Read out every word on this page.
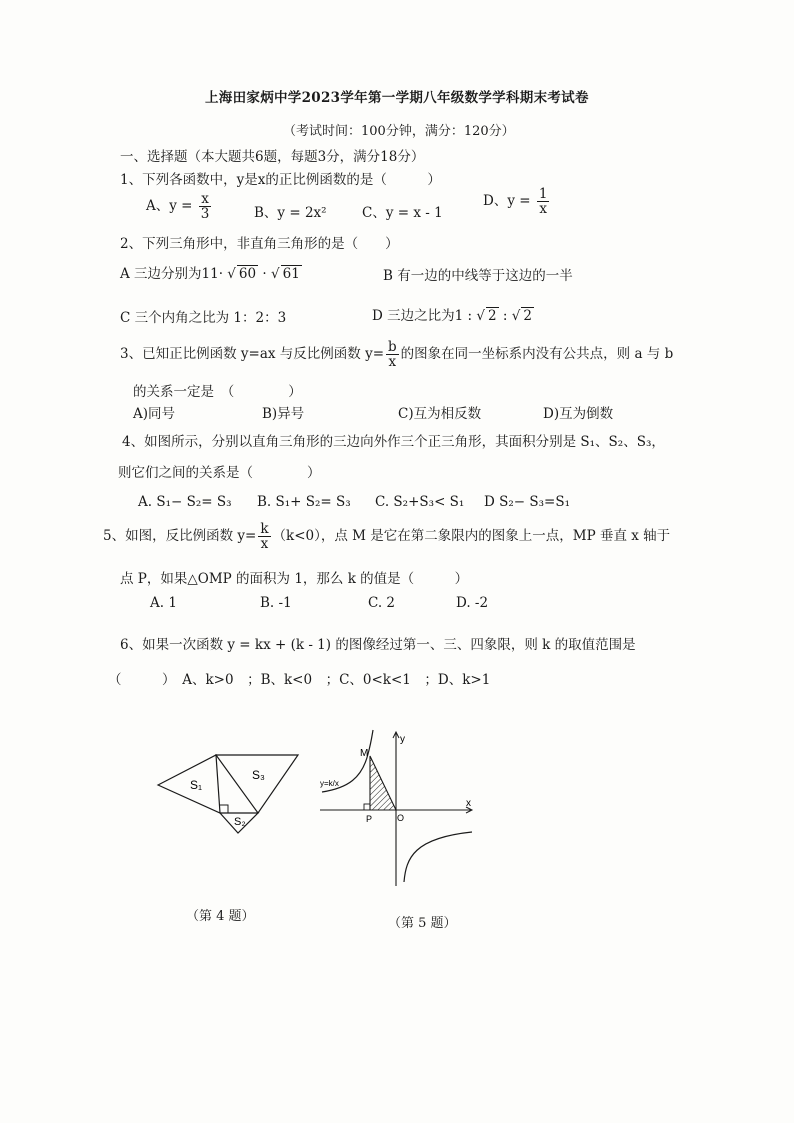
上海田家炳中学2023学年第一学期八年级数学学科期末考试卷
（考试时间：100分钟，满分：120分）
一、选择题（本大题共6题，每题3分，满分18分）
1、下列各函数中，y是x的正比例函数的是（　　　）
A、$y = \frac{x}{3}$	B、y = 2x²	C、y = x - 1
D、$y = \frac{1}{x}$
2、下列三角形中，非直角三角形的是（　　）
A 三边分别为11· √ 60 · √ 61	B 有一边的中线等于这边的一半
C 三个内角之比为 1：2：3	D 三边之比为1 : √ 2 : √ 2
3、已知正比例函数 y=ax 与反比例函数 $y= \frac{b}{x}$ 的图象在同一坐标系内没有公共点，则 a 与 b
的关系一定是　（　　　　）
A)同号	B)异号	C)互为相反数	D)互为倒数
4、如图所示，分别以直角三角形的三边向外作三个正三角形，其面积分别是 S₁、S₂、S₃，
则它们之间的关系是（　　　　）
A. S₁− S₂= S₃ B. S₁+ S₂= S₃ C. S₂+S₃< S₁ D S₂− S₃=S₁
5、如图，反比例函数 $y= \frac{k}{x} (k<0)$，点 M 是它在第二象限内的图象上一点，MP 垂直 x 轴于
点 P，如果△OMP 的面积为 1，那么 k 的值是（　　　）
A. 1	B. -1	C. 2	D. -2
6、如果一次函数 y = kx + (k - 1) 的图像经过第一、三、四象限，则 k 的取值范围是
（　　　）　A、k>0　；B、k<0　；C、0<k<1　；D、k>1
S₁
S₃
S₂
（第 4 题）
M
P	O
x
y
y=k/x
（第 5 题）
